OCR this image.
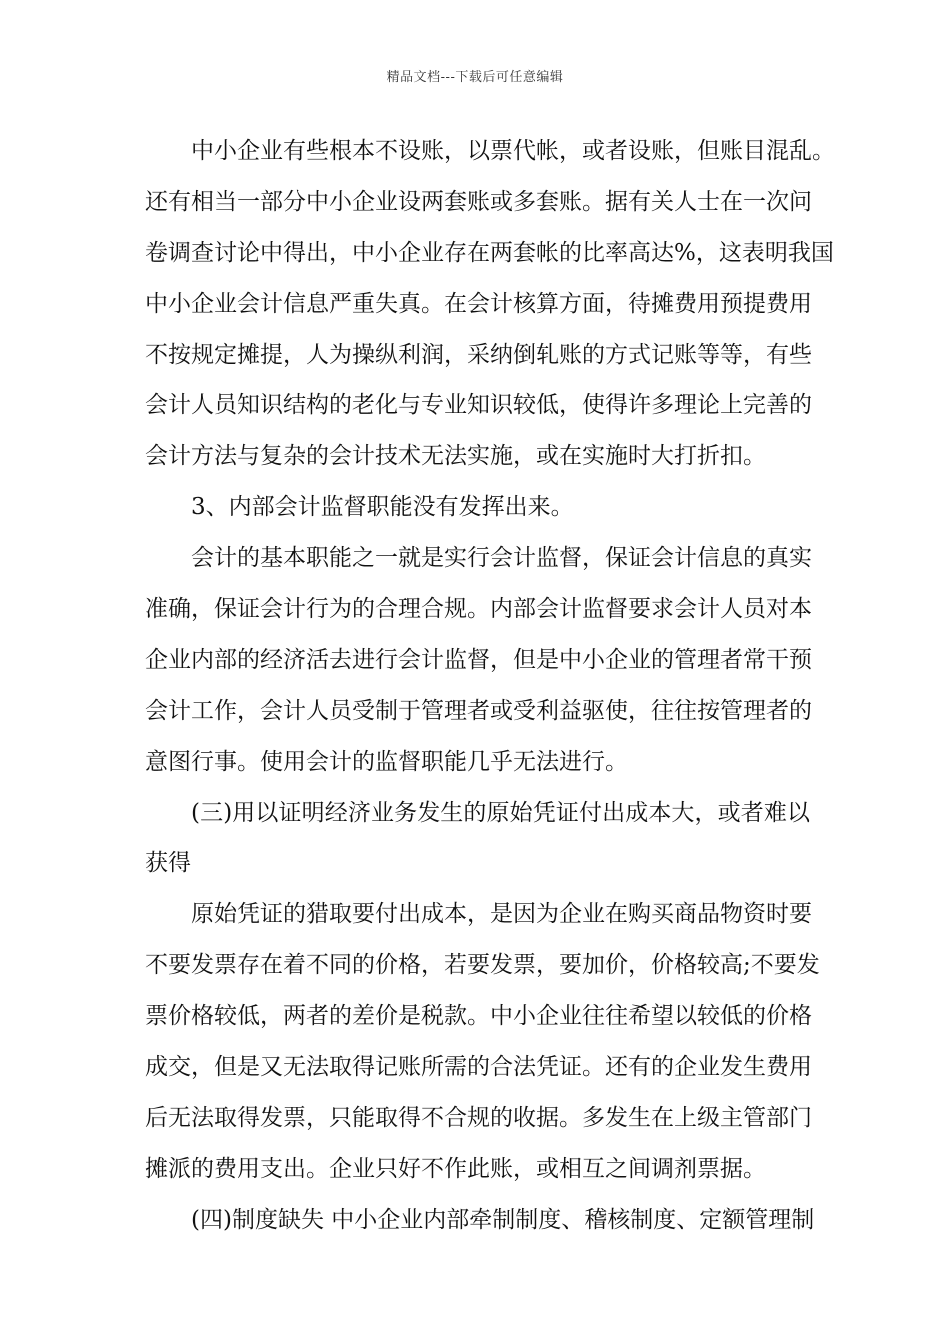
精品文档---下载后可任意编辑
中小企业有些根本不设账，以票代帐，或者设账，但账目混乱。
还有相当一部分中小企业设两套账或多套账。据有关人士在一次问
卷调查讨论中得出，中小企业存在两套帐的比率高达%，这表明我国
中小企业会计信息严重失真。在会计核算方面，待摊费用预提费用
不按规定摊提，人为操纵利润，采纳倒轧账的方式记账等等，有些
会计人员知识结构的老化与专业知识较低，使得许多理论上完善的
会计方法与复杂的会计技术无法实施，或在实施时大打折扣。
3、内部会计监督职能没有发挥出来。
会计的基本职能之一就是实行会计监督，保证会计信息的真实
准确，保证会计行为的合理合规。内部会计监督要求会计人员对本
企业内部的经济活去进行会计监督，但是中小企业的管理者常干预
会计工作，会计人员受制于管理者或受利益驱使，往往按管理者的
意图行事。使用会计的监督职能几乎无法进行。
(三)用以证明经济业务发生的原始凭证付出成本大，或者难以
获得
原始凭证的猎取要付出成本，是因为企业在购买商品物资时要
不要发票存在着不同的价格，若要发票，要加价，价格较高;不要发
票价格较低，两者的差价是税款。中小企业往往希望以较低的价格
成交，但是又无法取得记账所需的合法凭证。还有的企业发生费用
后无法取得发票，只能取得不合规的收据。多发生在上级主管部门
摊派的费用支出。企业只好不作此账，或相互之间调剂票据。
(四)制度缺失 中小企业内部牵制制度、稽核制度、定额管理制
